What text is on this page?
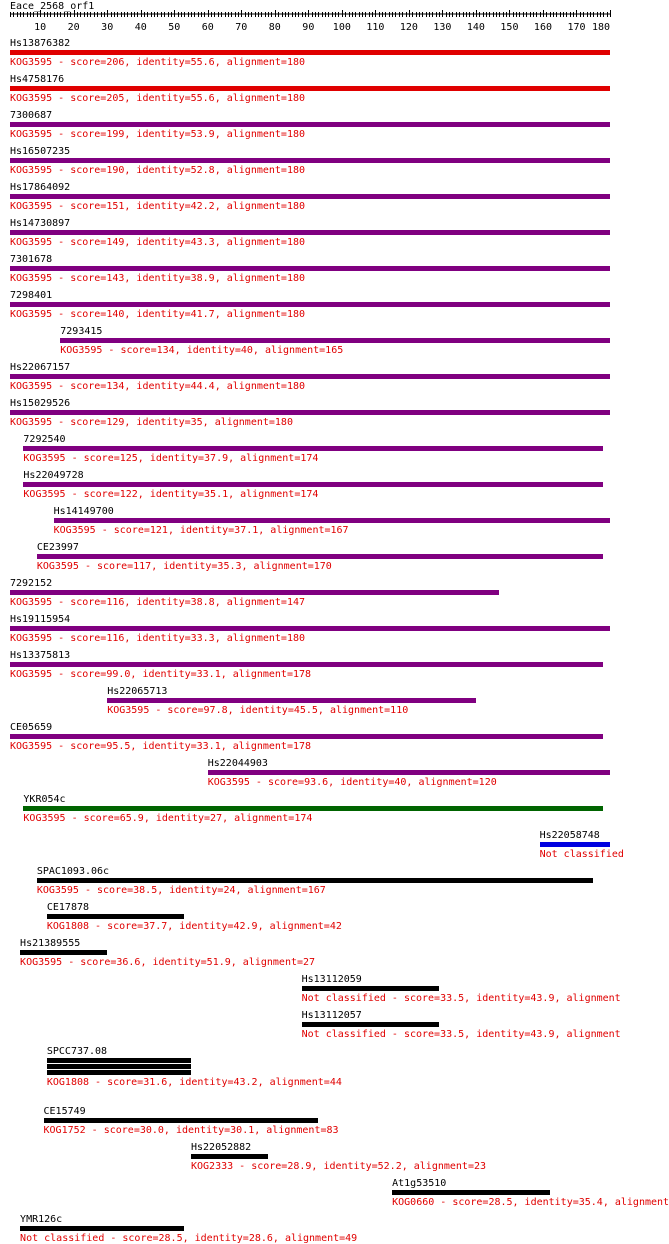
Eace_2568_orf1
10 20 30 40 50 60 70 80 90 100 110 120 130 140 150 160 170 180
Hs13876382
KOG3595 - score=206, identity=55.6, alignment=180
Hs4758176
KOG3595 - score=205, identity=55.6, alignment=180
7300687
KOG3595 - score=199, identity=53.9, alignment=180
Hs16507235
KOG3595 - score=190, identity=52.8, alignment=180
Hs17864092
KOG3595 - score=151, identity=42.2, alignment=180
Hs14730897
KOG3595 - score=149, identity=43.3, alignment=180
7301678
KOG3595 - score=143, identity=38.9, alignment=180
7298401
KOG3595 - score=140, identity=41.7, alignment=180
7293415
KOG3595 - score=134, identity=40, alignment=165
Hs22067157
KOG3595 - score=134, identity=44.4, alignment=180
Hs15029526
KOG3595 - score=129, identity=35, alignment=180
7292540
KOG3595 - score=125, identity=37.9, alignment=174
Hs22049728
KOG3595 - score=122, identity=35.1, alignment=174
Hs14149700
KOG3595 - score=121, identity=37.1, alignment=167
CE23997
KOG3595 - score=117, identity=35.3, alignment=170
7292152
KOG3595 - score=116, identity=38.8, alignment=147
Hs19115954
KOG3595 - score=116, identity=33.3, alignment=180
Hs13375813
KOG3595 - score=99.0, identity=33.1, alignment=178
Hs22065713
KOG3595 - score=97.8, identity=45.5, alignment=110
CE05659
KOG3595 - score=95.5, identity=33.1, alignment=178
Hs22044903
KOG3595 - score=93.6, identity=40, alignment=120
YKR054c
KOG3595 - score=65.9, identity=27, alignment=174
Hs22058748
Not classified
SPAC1093.06c
KOG3595 - score=38.5, identity=24, alignment=167
CE17878
KOG1808 - score=37.7, identity=42.9, alignment=42
Hs21389555
KOG3595 - score=36.6, identity=51.9, alignment=27
Hs13112059
Not classified - score=33.5, identity=43.9, alignment
Hs13112057
Not classified - score=33.5, identity=43.9, alignment
SPCC737.08
KOG1808 - score=31.6, identity=43.2, alignment=44
CE15749
KOG1752 - score=30.0, identity=30.1, alignment=83
Hs22052882
KOG2333 - score=28.9, identity=52.2, alignment=23
At1g53510
KOG0660 - score=28.5, identity=35.4, alignment
YMR126c
Not classified - score=28.5, identity=28.6, alignment=49
